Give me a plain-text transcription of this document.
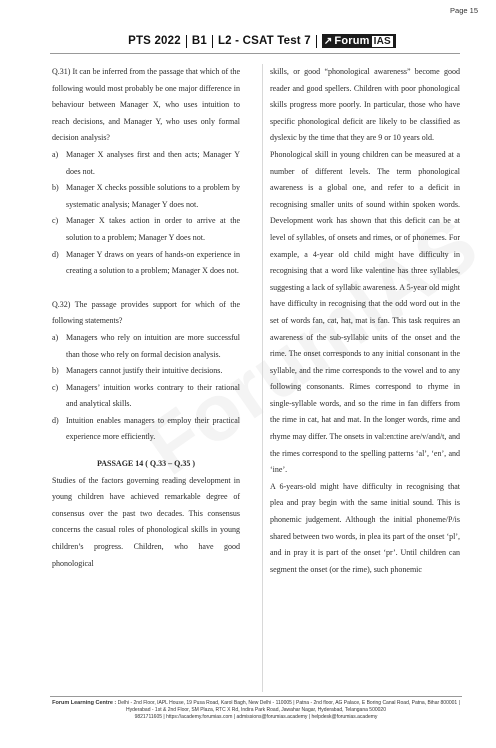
Page 15
PTS 2022 B1 L2 - CSAT Test 7 ↗ Forum IAS

Q.31) It can be inferred from the passage that which of the following would most probably be one major difference in behaviour between Manager X, who uses intuition to reach decisions, and Manager Y, who uses only formal decision analysis?

a) Manager X analyses first and then acts; Manager Y does not.
b) Manager X checks possible solutions to a problem by systematic analysis; Manager Y does not.
c) Manager X takes action in order to arrive at the solution to a problem; Manager Y does not.
d) Manager Y draws on years of hands-on experience in creating a solution to a problem; Manager X does not.

Q.32) The passage provides support for which of the following statements?

a) Managers who rely on intuition are more successful than those who rely on formal decision analysis.
b) Managers cannot justify their intuitive decisions.
c) Managers’ intuition works contrary to their rational and analytical skills.
d) Intuition enables managers to employ their practical experience more efficiently.

PASSAGE 14 ( Q.33 – Q.35 )

Studies of the factors governing reading development in young children have achieved remarkable degree of consensus over the past two decades. This consensus concerns the casual roles of phonological skills in young children’s progress. Children, who have good phonological

skills, or good “phonological awareness” become good reader and good spellers. Children with poor phonological skills progress more poorly. In particular, those who have specific phonological deficit are likely to be classified as dyslexic by the time that they are 9 or 10 years old.

Phonological skill in young children can be measured at a number of different levels. The term phonological awareness is a global one, and refer to a deficit in recognising smaller units of sound within spoken words. Development work has shown that this deficit can be at level of syllables, of onsets and rimes, or of phonemes. For example, a 4-year old child might have difficulty in recognising that a word like valentine has three syllables, suggesting a lack of syllabic awareness. A 5-year old might have difficulty in recognising that the odd word out in the set of words fan, cat, hat, mat is fan. This task requires an awareness of the sub-syllabic units of the onset and the rime. The onset corresponds to any initial consonant in the syllable, and the rime corresponds to the vowel and to any following consonants. Rimes correspond to rhyme in single-syllable words, and so the rime in fan differs from the rime in cat, hat and mat. In the longer words, rime and rhyme may differ. The onsets in val:en:tine are/v/and/t, and the rimes correspond to the spelling patterns ‘al’, ‘en’, and ‘ine’.

A 6-years-old might have difficulty in recognising that plea and pray begin with the same initial sound. This is phonemic judgement. Although the initial phoneme/P/is shared between two words, in plea its part of the onset ‘pl’, and in pray it is part of the onset ‘pr’. Until children can segment the onset (or the rime), such phonemic

Forum Learning Centre : Delhi - 2nd Floor, IAPL House, 19 Pusa Road, Karol Bagh, New Delhi - 110005 | Patna - 2nd floor, AG Palace, E Boring Canal Road, Patna, Bihar 800001 | Hyderabad - 1st & 2nd Floor, SM Plaza, RTC X Rd, Indira Park Road, Jawahar Nagar, Hyderabad, Telangana 500020
9821711605 | https://academy.forumias.com | admissions@forumias.academy | helpdesk@forumias.academy
